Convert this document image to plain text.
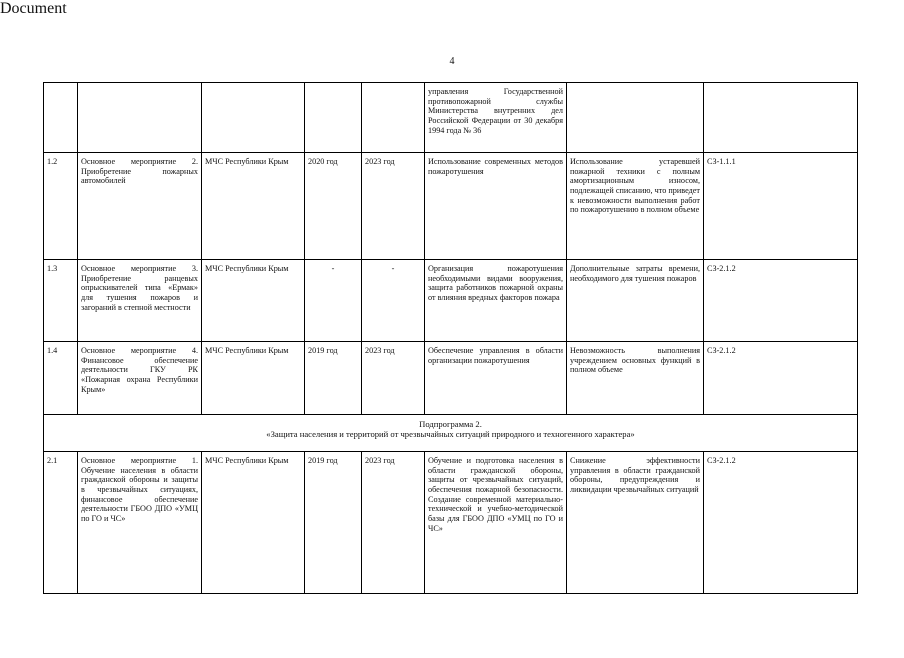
Document
4
					управления Государственной противопожарной службы Министерства внутренних дел Российской Федерации от 30 декабря 1994 года № 36		
1.2	Основное мероприятие 2. Приобретение пожарных автомобилей	МЧС Республики Крым	2020 год	2023 год	Использование современных методов пожаротушения	Использование устаревшей пожарной техники с полным амортизационным износом, подлежащей списанию, что приведет к невозможности выполнения работ по пожаротушению в полном объеме	СЗ-1.1.1
1.3	Основное мероприятие 3. Приобретение ранцевых опрыскивателей типа «Ермак» для тушения пожаров и загораний в степной местности	МЧС Республики Крым	-	-	Организация пожаротушения необходимыми видами вооружения, защита работников пожарной охраны от влияния вредных факторов пожара	Дополнительные затраты времени, необходимого для тушения пожаров	СЗ-2.1.2
1.4	Основное мероприятие 4. Финансовое обеспечение деятельности ГКУ РК «Пожарная охрана Республики Крым»	МЧС Республики Крым	2019 год	2023 год	Обеспечение управления в области организации пожаротушения	Невозможность выполнения учреждением основных функций в полном объеме	СЗ-2.1.2

Подпрограмма 2.
«Защита населения и территорий от чрезвычайных ситуаций природного и техногенного характера»							

2.1	Основное мероприятие 1. Обучение населения в области гражданской обороны и защиты в чрезвычайных ситуациях, финансовое обеспечение деятельности ГБОО ДПО «УМЦ по ГО и ЧС»	МЧС Республики Крым	2019 год	2023 год	Обучение и подготовка населения в области гражданской обороны, защиты от чрезвычайных ситуаций, обеспечения пожарной безопасности. Создание современной материально-технической и учебно-методической базы для ГБОО ДПО «УМЦ по ГО и ЧС»	Снижение эффективности управления в области гражданской обороны, предупреждения и ликвидации чрезвычайных ситуаций	СЗ-2.1.2
